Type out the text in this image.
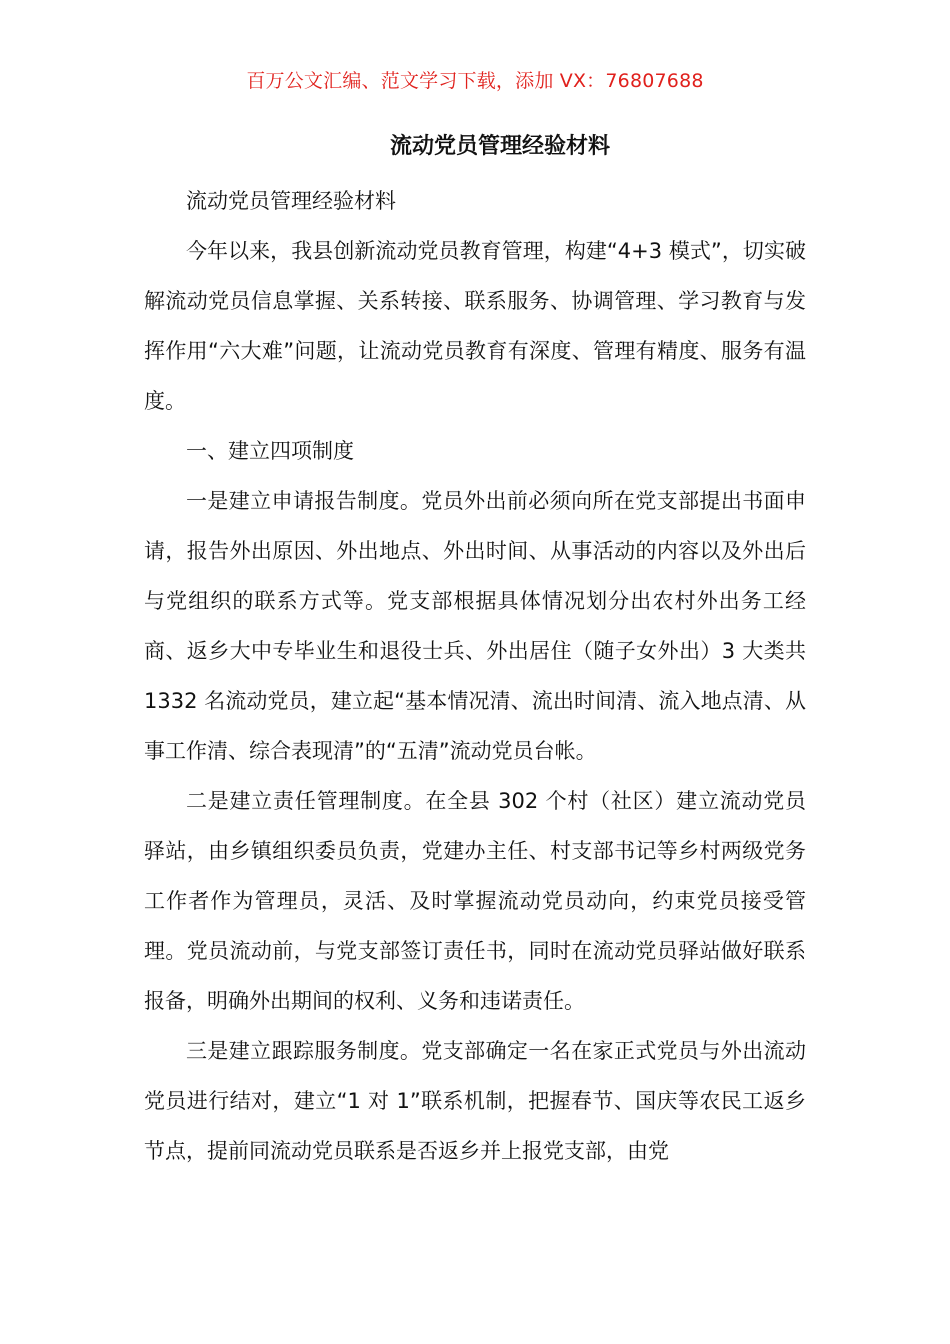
百万公文汇编、范文学习下载，添加 VX：76807688
流动党员管理经验材料

流动党员管理经验材料

今年以来，我县创新流动党员教育管理，构建“4+3 模式”，切实破解流动党员信息掌握、关系转接、联系服务、协调管理、学习教育与发挥作用“六大难”问题，让流动党员教育有深度、管理有精度、服务有温度。

一、建立四项制度

一是建立申请报告制度。党员外出前必须向所在党支部提出书面申请，报告外出原因、外出地点、外出时间、从事活动的内容以及外出后与党组织的联系方式等。党支部根据具体情况划分出农村外出务工经商、返乡大中专毕业生和退役士兵、外出居住（随子女外出）3 大类共 1332 名流动党员，建立起“基本情况清、流出时间清、流入地点清、从事工作清、综合表现清”的“五清”流动党员台帐。

二是建立责任管理制度。在全县 302 个村（社区）建立流动党员驿站，由乡镇组织委员负责，党建办主任、村支部书记等乡村两级党务工作者作为管理员，灵活、及时掌握流动党员动向，约束党员接受管理。党员流动前，与党支部签订责任书，同时在流动党员驿站做好联系报备，明确外出期间的权利、义务和违诺责任。

三是建立跟踪服务制度。党支部确定一名在家正式党员与外出流动党员进行结对，建立“1 对 1”联系机制，把握春节、国庆等农民工返乡节点，提前同流动党员联系是否返乡并上报党支部，由党
